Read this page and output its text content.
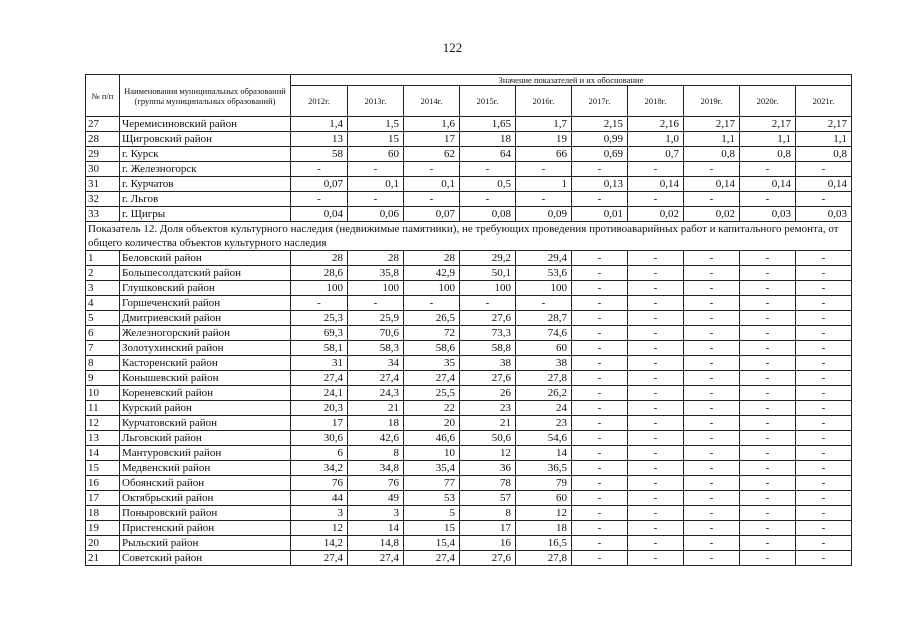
122
№ п/п	Наименования муниципальных образований (группы муниципальных образований)	Значение показателей и их обоснование									
		2012г.	2013г.	2014г.	2015г.	2016г.	2017г.	2018г.	2019г.	2020г.	2021г.
27	Черемисиновский район	1,4	1,5	1,6	1,65	1,7	2,15	2,16	2,17	2,17	2,17
28	Щигровский район	13	15	17	18	19	0,99	1,0	1,1	1,1	1,1
29	г. Курск	58	60	62	64	66	0,69	0,7	0,8	0,8	0,8
30	г. Железногорск	-	-	-	-	-	-	-	-	-	-
31	г. Курчатов	0,07	0,1	0,1	0,5	1	0,13	0,14	0,14	0,14	0,14
32	г. Льгов	-	-	-	-	-	-	-	-	-	-
33	г. Щигры	0,04	0,06	0,07	0,08	0,09	0,01	0,02	0,02	0,03	0,03
Показатель 12. Доля объектов культурного наследия (недвижимые памятники), не требующих проведения противоаварийных работ и капитального ремонта, от общего количества объектов культурного наследия											
1	Беловский район	28	28	28	29,2	29,4	-	-	-	-	-
2	Большесолдатский район	28,6	35,8	42,9	50,1	53,6	-	-	-	-	-
3	Глушковский район	100	100	100	100	100	-	-	-	-	-
4	Горшеченский район	-	-	-	-	-	-	-	-	-	-
5	Дмитриевский район	25,3	25,9	26,5	27,6	28,7	-	-	-	-	-
6	Железногорский район	69,3	70,6	72	73,3	74,6	-	-	-	-	-
7	Золотухинский район	58,1	58,3	58,6	58,8	60	-	-	-	-	-
8	Касторенский район	31	34	35	38	38	-	-	-	-	-
9	Конышевский район	27,4	27,4	27,4	27,6	27,8	-	-	-	-	-
10	Кореневский район	24,1	24,3	25,5	26	26,2	-	-	-	-	-
11	Курский район	20,3	21	22	23	24	-	-	-	-	-
12	Курчатовский район	17	18	20	21	23	-	-	-	-	-
13	Льговский район	30,6	42,6	46,6	50,6	54,6	-	-	-	-	-
14	Мантуровский район	6	8	10	12	14	-	-	-	-	-
15	Медвенский район	34,2	34,8	35,4	36	36,5	-	-	-	-	-
16	Обоянский район	76	76	77	78	79	-	-	-	-	-
17	Октябрьский район	44	49	53	57	60	-	-	-	-	-
18	Поныровский район	3	3	5	8	12	-	-	-	-	-
19	Пристенский район	12	14	15	17	18	-	-	-	-	-
20	Рыльский район	14,2	14,8	15,4	16	16,5	-	-	-	-	-
21	Советский район	27,4	27,4	27,4	27,6	27,8	-	-	-	-	-
